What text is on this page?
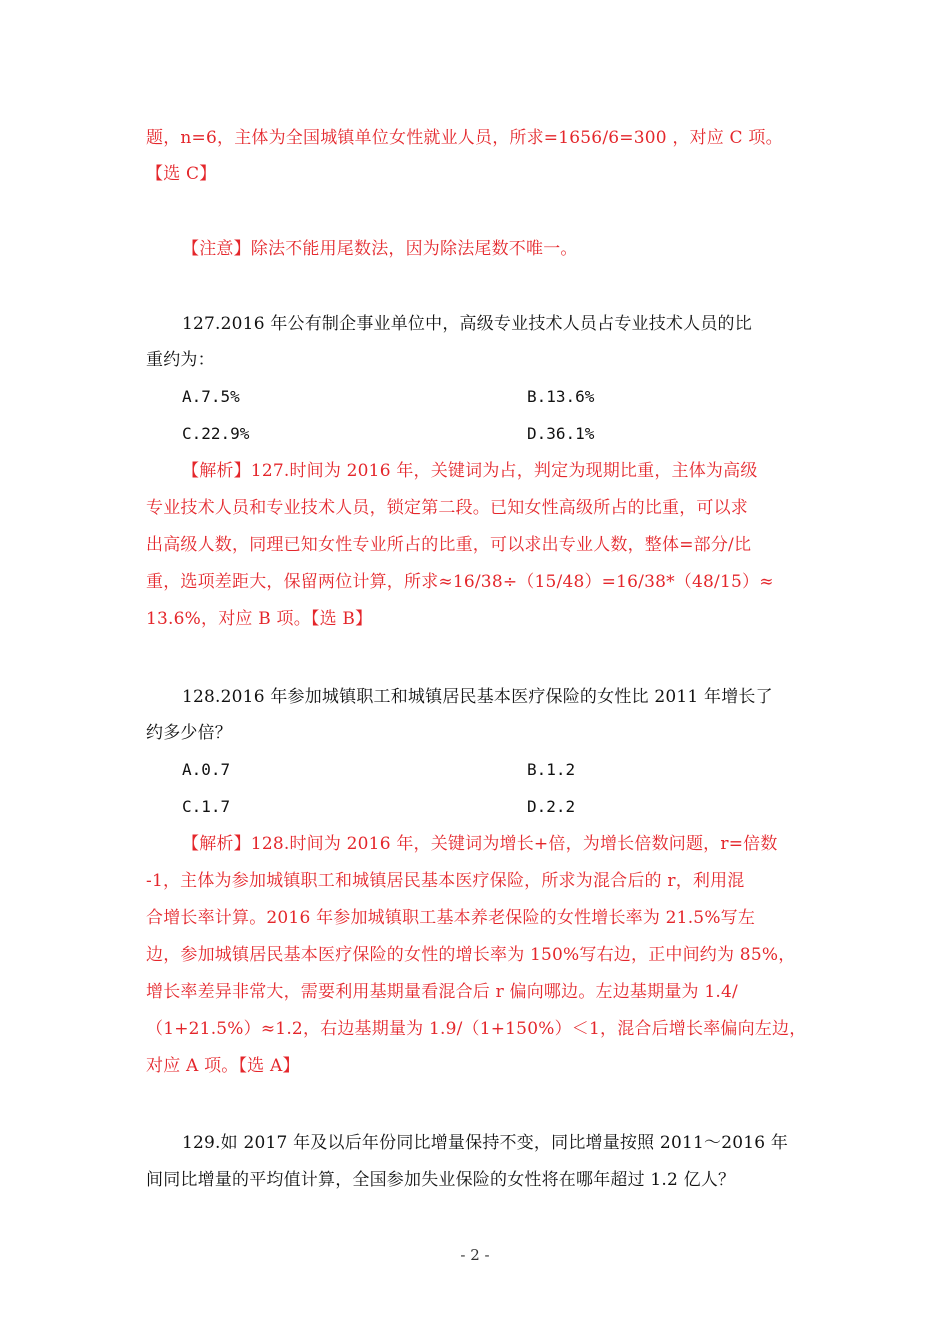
题，n=6，主体为全国城镇单位女性就业人员，所求=1656/6=300 ，对应 C 项。
【选 C】
【注意】除法不能用尾数法，因为除法尾数不唯一。
127.2016 年公有制企事业单位中，高级专业技术人员占专业技术人员的比
重约为：
A.7.5%	B.13.6%
C.22.9%	D.36.1%
【解析】127.时间为 2016 年，关键词为占，判定为现期比重，主体为高级
专业技术人员和专业技术人员，锁定第二段。已知女性高级所占的比重，可以求
出高级人数，同理已知女性专业所占的比重，可以求出专业人数，整体=部分/比
重，选项差距大，保留两位计算，所求≈16/38÷（15/48）=16/38*（48/15）≈
13.6%，对应 B 项。【选 B】
128.2016 年参加城镇职工和城镇居民基本医疗保险的女性比 2011 年增长了
约多少倍？
A.0.7	B.1.2
C.1.7	D.2.2
【解析】128.时间为 2016 年，关键词为增长+倍，为增长倍数问题，r=倍数
-1，主体为参加城镇职工和城镇居民基本医疗保险，所求为混合后的 r，利用混
合增长率计算。2016 年参加城镇职工基本养老保险的女性增长率为 21.5%写左
边，参加城镇居民基本医疗保险的女性的增长率为 150%写右边，正中间约为 85%，
增长率差异非常大，需要利用基期量看混合后 r 偏向哪边。左边基期量为 1.4/
（1+21.5%）≈1.2，右边基期量为 1.9/（1+150%）＜1，混合后增长率偏向左边，
对应 A 项。【选 A】
129.如 2017 年及以后年份同比增量保持不变，同比增量按照 2011～2016 年
间同比增量的平均值计算，全国参加失业保险的女性将在哪年超过 1.2 亿人？
- 2 -
